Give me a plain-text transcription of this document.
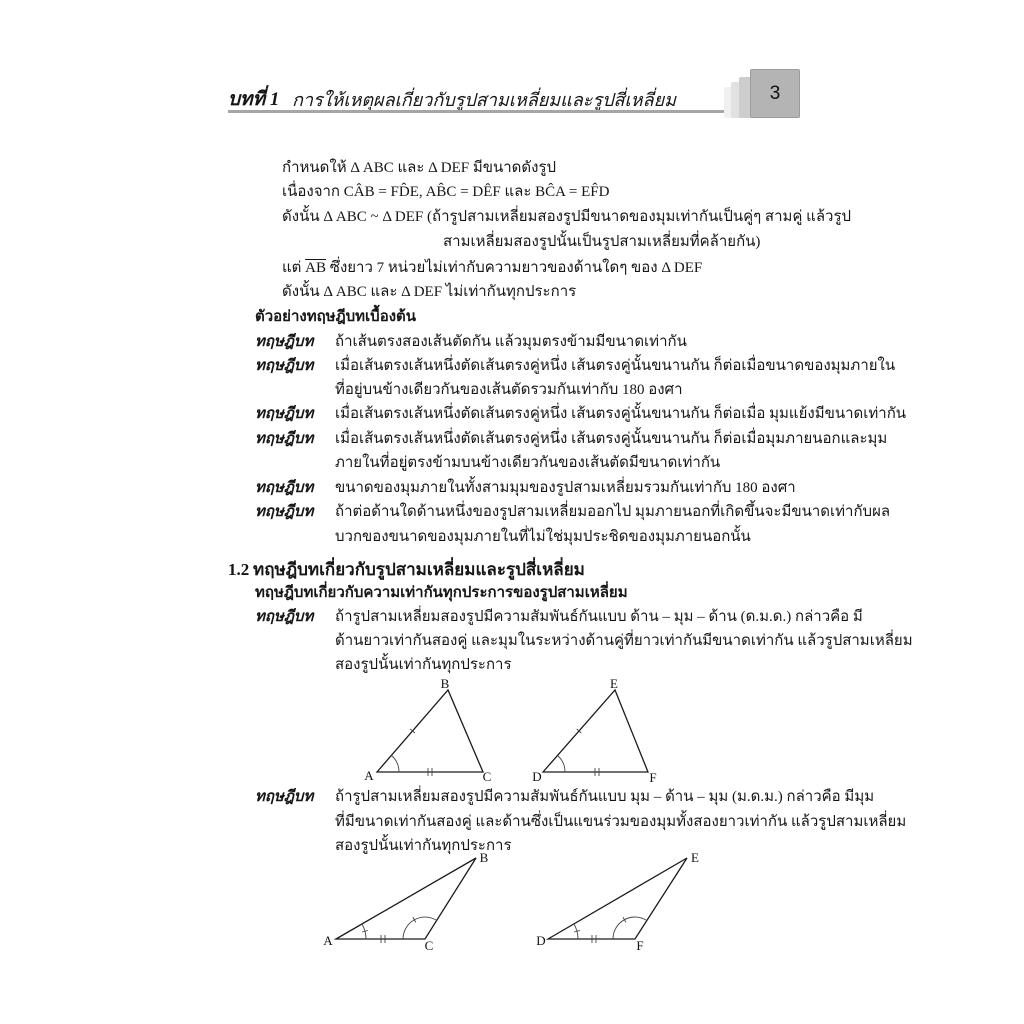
บทที่ 1 การให้เหตุผลเกี่ยวกับรูปสามเหลี่ยมและรูปสี่เหลี่ยม	3
กำหนดให้ Δ ABC และ Δ DEF มีขนาดดังรูป
เนื่องจาก CÂB = FD̂E, AB̂C = DÊF และ BĈA = EF̂D
ดังนั้น Δ ABC ~ Δ DEF (ถ้ารูปสามเหลี่ยมสองรูปมีขนาดของมุมเท่ากันเป็นคู่ๆ สามคู่ แล้วรูป
สามเหลี่ยมสองรูปนั้นเป็นรูปสามเหลี่ยมที่คล้ายกัน)
แต่ $\overline{AB}$ ซึ่งยาว 7 หน่วยไม่เท่ากับความยาวของด้านใดๆ ของ Δ DEF
ดังนั้น Δ ABC และ Δ DEF ไม่เท่ากันทุกประการ
ตัวอย่างทฤษฎีบทเบื้องต้น
ทฤษฎีบท ถ้าเส้นตรงสองเส้นตัดกัน แล้วมุมตรงข้ามมีขนาดเท่ากัน
ทฤษฎีบท เมื่อเส้นตรงเส้นหนึ่งตัดเส้นตรงคู่หนึ่ง เส้นตรงคู่นั้นขนานกัน ก็ต่อเมื่อขนาดของมุมภายใน
ที่อยู่บนข้างเดียวกันของเส้นตัดรวมกันเท่ากับ 180 องศา
ทฤษฎีบท เมื่อเส้นตรงเส้นหนึ่งตัดเส้นตรงคู่หนึ่ง เส้นตรงคู่นั้นขนานกัน ก็ต่อเมื่อ มุมแย้งมีขนาดเท่ากัน
ทฤษฎีบท เมื่อเส้นตรงเส้นหนึ่งตัดเส้นตรงคู่หนึ่ง เส้นตรงคู่นั้นขนานกัน ก็ต่อเมื่อมุมภายนอกและมุม
ภายในที่อยู่ตรงข้ามบนข้างเดียวกันของเส้นตัดมีขนาดเท่ากัน
ทฤษฎีบท ขนาดของมุมภายในทั้งสามมุมของรูปสามเหลี่ยมรวมกันเท่ากับ 180 องศา
ทฤษฎีบท ถ้าต่อด้านใดด้านหนึ่งของรูปสามเหลี่ยมออกไป มุมภายนอกที่เกิดขึ้นจะมีขนาดเท่ากับผล
บวกของขนาดของมุมภายในที่ไม่ใช่มุมประชิดของมุมภายนอกนั้น
1.2 ทฤษฎีบทเกี่ยวกับรูปสามเหลี่ยมและรูปสี่เหลี่ยม
ทฤษฎีบทเกี่ยวกับความเท่ากันทุกประการของรูปสามเหลี่ยม
ทฤษฎีบท ถ้ารูปสามเหลี่ยมสองรูปมีความสัมพันธ์กันแบบ ด้าน – มุม – ด้าน (ด.ม.ด.) กล่าวคือ มี
ด้านยาวเท่ากันสองคู่ และมุมในระหว่างด้านคู่ที่ยาวเท่ากันมีขนาดเท่ากัน แล้วรูปสามเหลี่ยม
สองรูปนั้นเท่ากันทุกประการ
A
B
C	D
E
F
ทฤษฎีบท ถ้ารูปสามเหลี่ยมสองรูปมีความสัมพันธ์กันแบบ มุม – ด้าน – มุม (ม.ด.ม.) กล่าวคือ มีมุม
ที่มีขนาดเท่ากันสองคู่ และด้านซึ่งเป็นแขนร่วมของมุมทั้งสองยาวเท่ากัน แล้วรูปสามเหลี่ยม
สองรูปนั้นเท่ากันทุกประการ
A
B
C	D
E
F
